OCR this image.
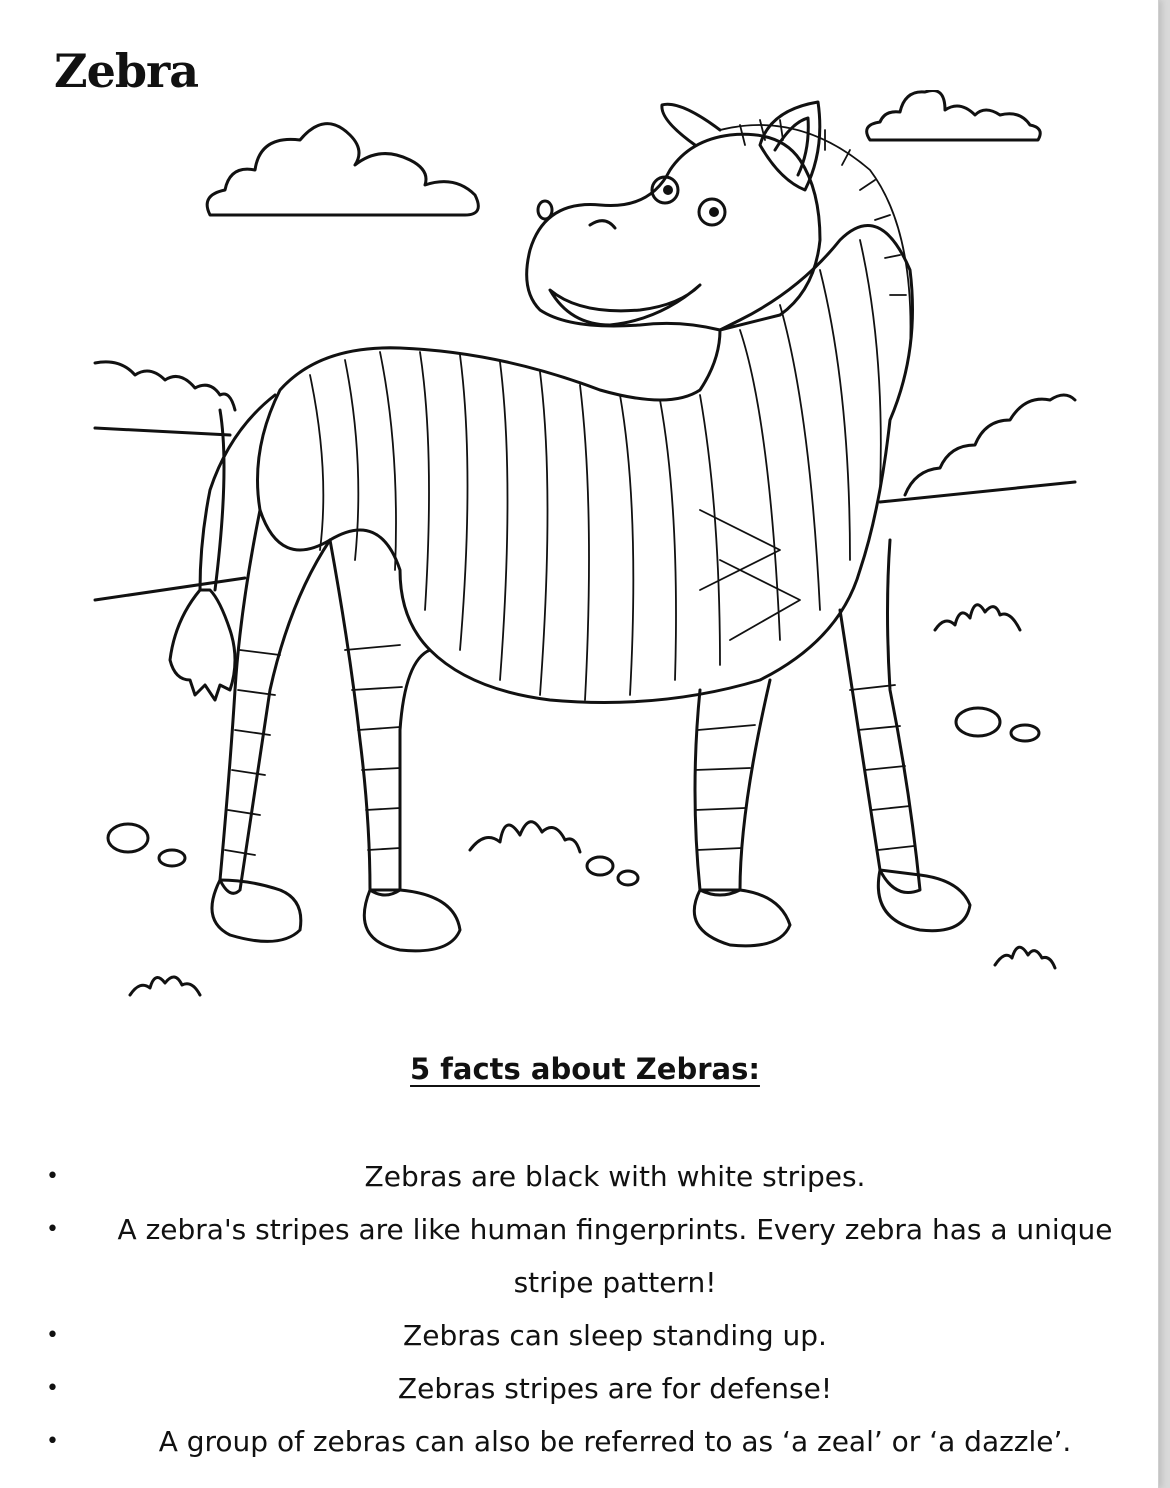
Zebra
5 facts about Zebras:
•	Zebras are black with white stripes.
• A zebra's stripes are like human fingerprints. Every zebra has a unique stripe pattern!
•	Zebras can sleep standing up.
•	Zebras stripes are for defense!
•	A group of zebras can also be referred to as ‘a zeal’ or ‘a dazzle’.
